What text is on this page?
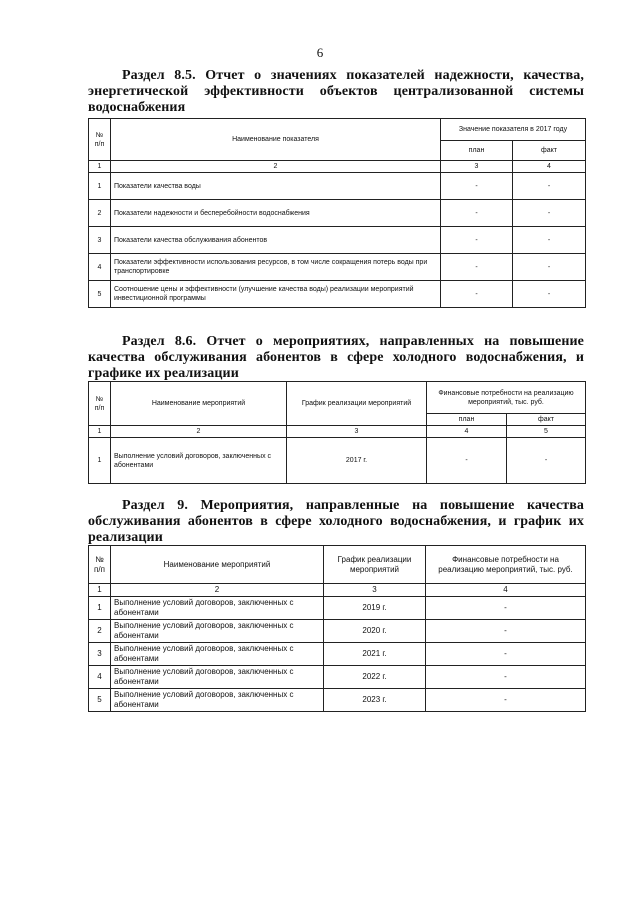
6
Раздел 8.5. Отчет о значениях показателей надежности, качества, энергетической эффективности объектов централизованной системы водоснабжения
№ п/п	Наименование показателя	Значение показателя в 2017 году	
		план	факт
1	2	3	4
1	Показатели качества воды	-	-
2	Показатели надежности и бесперебойности водоснабжения	-	-
3	Показатели качества обслуживания абонентов	-	-
4	Показатели эффективности использования ресурсов, в том числе сокращения потерь воды при транспортировке	-	-
5	Соотношение цены и эффективности (улучшение качества воды) реализации мероприятий инвестиционной программы	-	-
Раздел 8.6. Отчет о мероприятиях, направленных на повышение качества обслуживания абонентов в сфере холодного водоснабжения, и графике их реализации
№ п/п	Наименование мероприятий	График реализации мероприятий	Финансовые потребности на реализацию мероприятий, тыс. руб.	
			план	факт
1	2	3	4	5
1	Выполнение условий договоров, заключенных с абонентами	2017 г.	-	-
Раздел 9. Мероприятия, направленные на повышение качества обслуживания абонентов в сфере холодного водоснабжения, и график их реализации
№ п/п	Наименование мероприятий	График реализации мероприятий	Финансовые потребности на реализацию мероприятий, тыс. руб.
1	2	3	4
1	Выполнение условий договоров, заключенных с абонентами	2019 г.	-
2	Выполнение условий договоров, заключенных с абонентами	2020 г.	-
3	Выполнение условий договоров, заключенных с абонентами	2021 г.	-
4	Выполнение условий договоров, заключенных с абонентами	2022 г.	-
5	Выполнение условий договоров, заключенных с абонентами	2023 г.	-
